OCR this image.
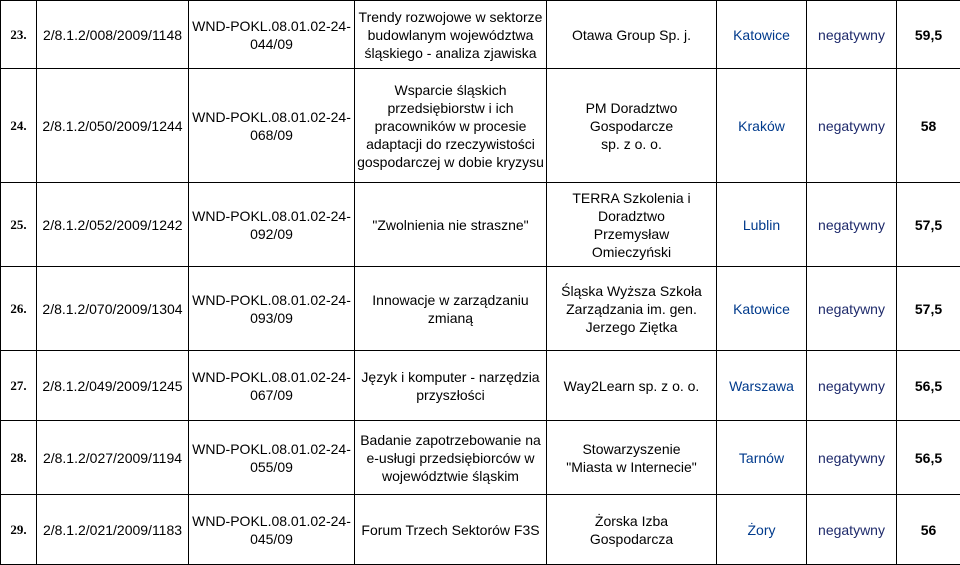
23.	2/8.1.2/008/2009/1148	WND-POKL.08.01.02-24-
044/09	Trendy rozwojowe w sektorze
budowlanym województwa
śląskiego - analiza zjawiska	Otawa Group Sp. j.	Katowice	negatywny	59,5
24.	2/8.1.2/050/2009/1244	WND-POKL.08.01.02-24-
068/09	Wsparcie śląskich
przedsiębiorstw i ich
pracowników w procesie
adaptacji do rzeczywistości
gospodarczej w dobie kryzysu	PM Doradztwo
Gospodarcze
sp. z o. o.	Kraków	negatywny	58
25.	2/8.1.2/052/2009/1242	WND-POKL.08.01.02-24-
092/09	"Zwolnienia nie straszne"	TERRA Szkolenia i
Doradztwo
Przemysław
Omieczyński	Lublin	negatywny	57,5
26.	2/8.1.2/070/2009/1304	WND-POKL.08.01.02-24-
093/09	Innowacje w zarządzaniu
zmianą	Śląska Wyższa Szkoła
Zarządzania im. gen.
Jerzego Ziętka	Katowice	negatywny	57,5
27.	2/8.1.2/049/2009/1245	WND-POKL.08.01.02-24-
067/09	Język i komputer - narzędzia
przyszłości	Way2Learn sp. z o. o.	Warszawa	negatywny	56,5
28.	2/8.1.2/027/2009/1194	WND-POKL.08.01.02-24-
055/09	Badanie zapotrzebowanie na
e-usługi przedsiębiorców w
województwie śląskim	Stowarzyszenie
"Miasta w Internecie"	Tarnów	negatywny	56,5
29.	2/8.1.2/021/2009/1183	WND-POKL.08.01.02-24-
045/09	Forum Trzech Sektorów F3S	Żorska Izba
Gospodarcza	Żory	negatywny	56
